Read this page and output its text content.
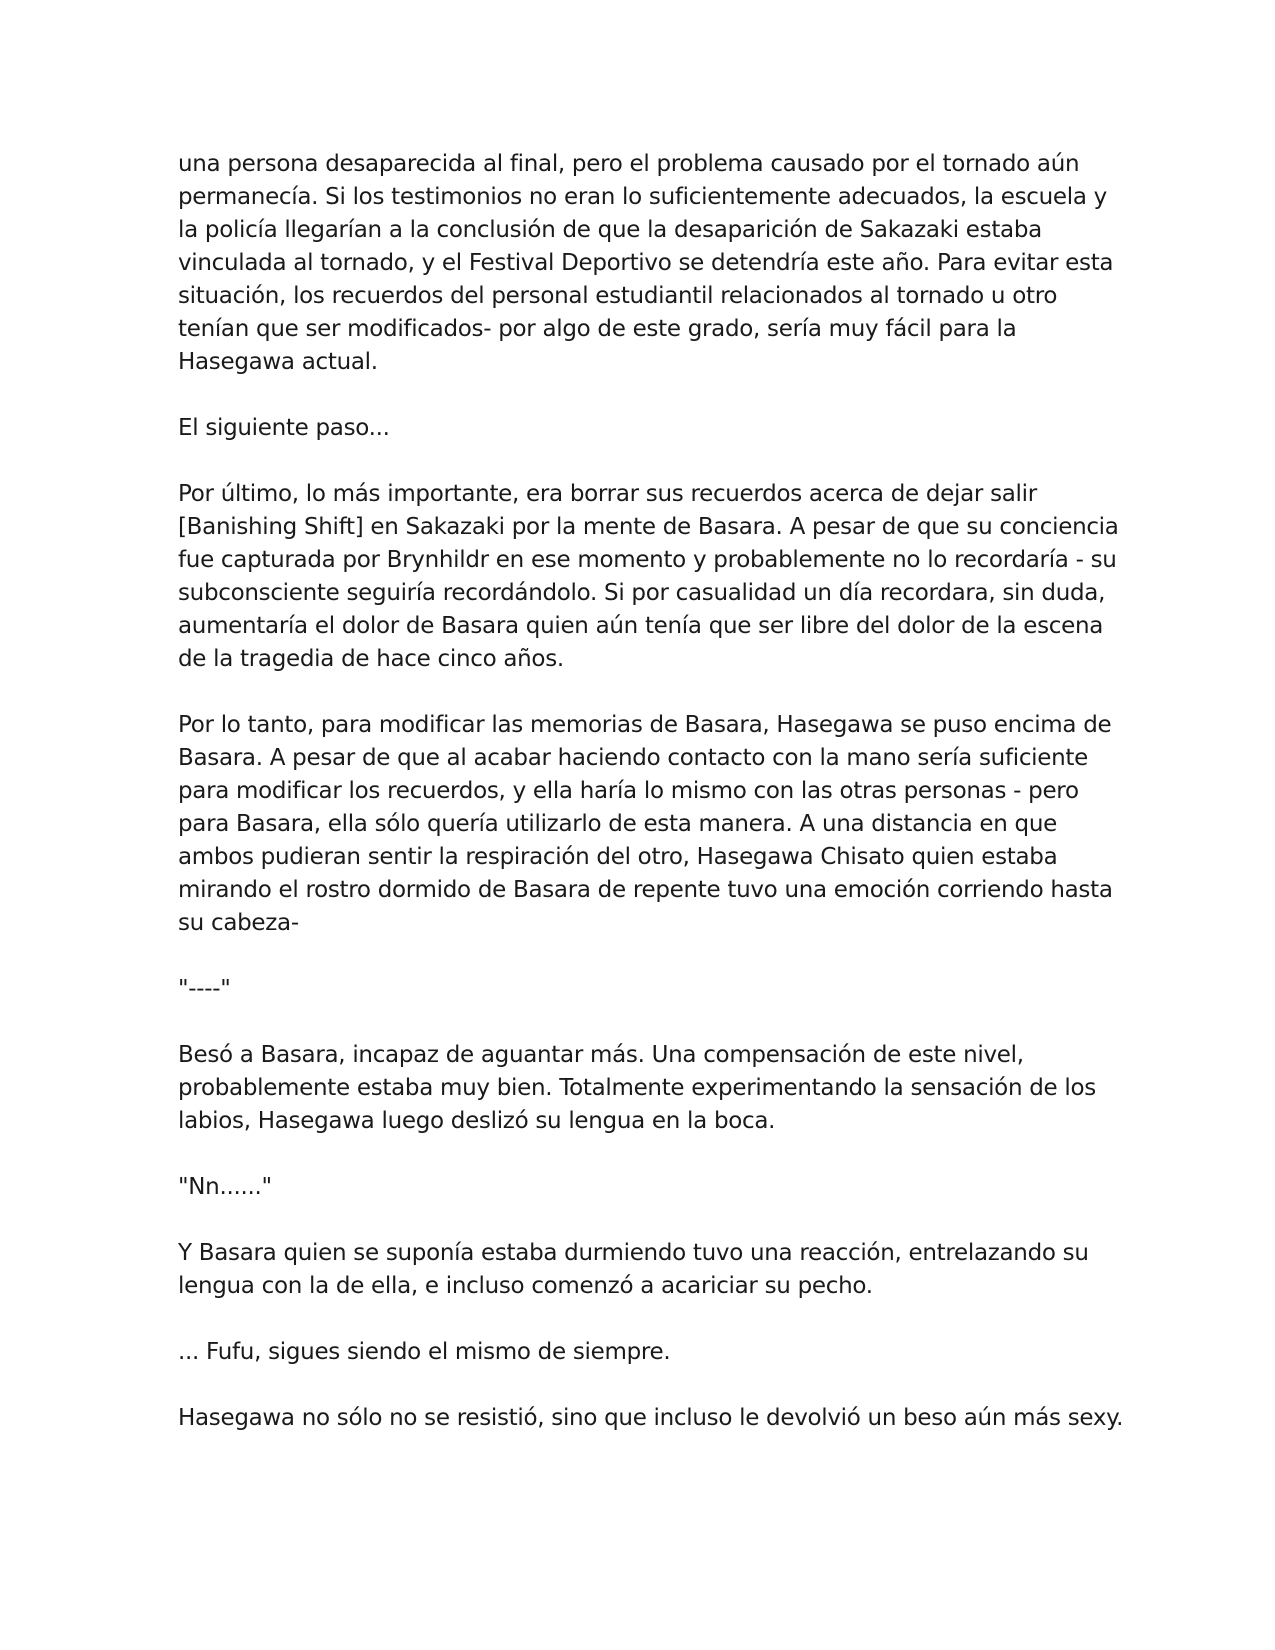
una persona desaparecida al final, pero el problema causado por el tornado aún
permanecía. Si los testimonios no eran lo suficientemente adecuados, la escuela y
la policía llegarían a la conclusión de que la desaparición de Sakazaki estaba
vinculada al tornado, y el Festival Deportivo se detendría este año. Para evitar esta
situación, los recuerdos del personal estudiantil relacionados al tornado u otro
tenían que ser modificados- por algo de este grado, sería muy fácil para la
Hasegawa actual.

El siguiente paso...

Por último, lo más importante, era borrar sus recuerdos acerca de dejar salir
[Banishing Shift] en Sakazaki por la mente de Basara. A pesar de que su conciencia
fue capturada por Brynhildr en ese momento y probablemente no lo recordaría - su
subconsciente seguiría recordándolo. Si por casualidad un día recordara, sin duda,
aumentaría el dolor de Basara quien aún tenía que ser libre del dolor de la escena
de la tragedia de hace cinco años.

Por lo tanto, para modificar las memorias de Basara, Hasegawa se puso encima de
Basara. A pesar de que al acabar haciendo contacto con la mano sería suficiente
para modificar los recuerdos, y ella haría lo mismo con las otras personas - pero
para Basara, ella sólo quería utilizarlo de esta manera. A una distancia en que
ambos pudieran sentir la respiración del otro, Hasegawa Chisato quien estaba
mirando el rostro dormido de Basara de repente tuvo una emoción corriendo hasta
su cabeza-

"----"

Besó a Basara, incapaz de aguantar más. Una compensación de este nivel,
probablemente estaba muy bien. Totalmente experimentando la sensación de los
labios, Hasegawa luego deslizó su lengua en la boca.

"Nn......"

Y Basara quien se suponía estaba durmiendo tuvo una reacción, entrelazando su
lengua con la de ella, e incluso comenzó a acariciar su pecho.

... Fufu, sigues siendo el mismo de siempre.

Hasegawa no sólo no se resistió, sino que incluso le devolvió un beso aún más sexy.
